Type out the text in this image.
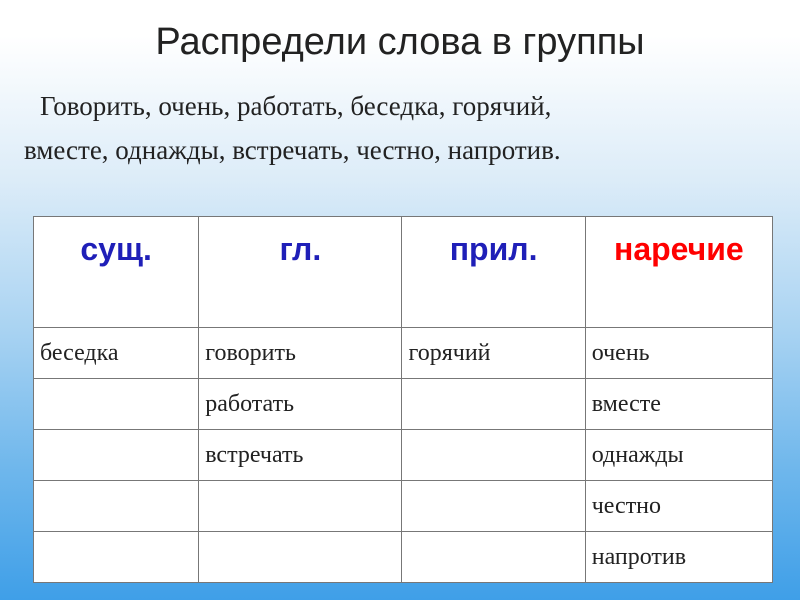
Распредели слова в группы
Говорить, очень, работать, беседка, горячий,
вместе, однажды, встречать, честно, напротив.
сущ.	гл.	прил.	наречие
беседка	говорить	горячий	очень
	работать		вместе
	встречать		однажды
			честно
			напротив
